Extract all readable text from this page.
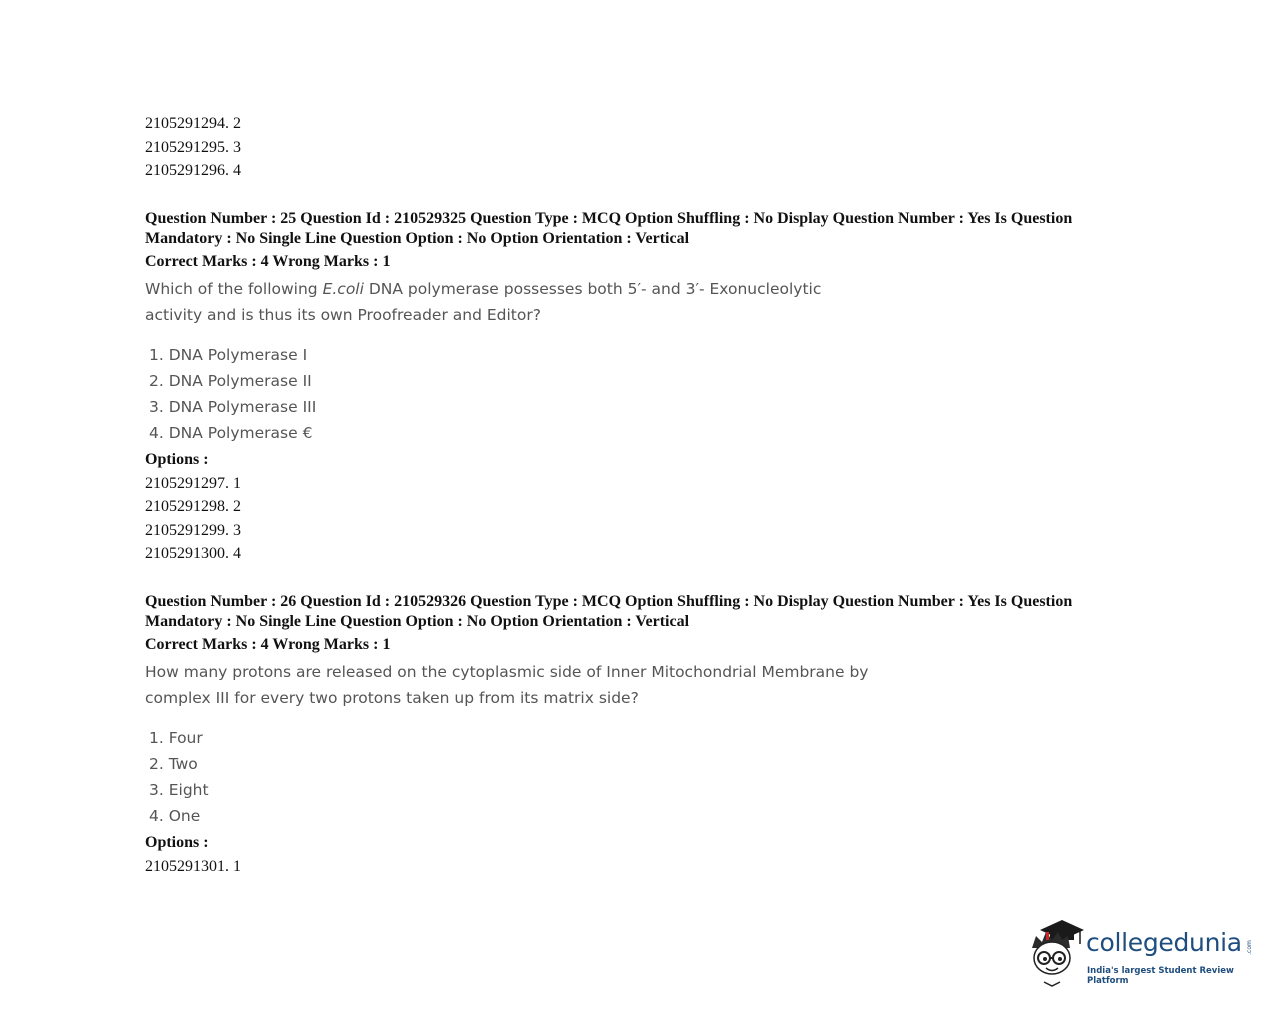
2105291294. 2
2105291295. 3
2105291296. 4

Question Number : 25 Question Id : 210529325 Question Type : MCQ Option Shuffling : No Display Question Number : Yes Is Question

Mandatory : No Single Line Question Option : No Option Orientation : Vertical

Correct Marks : 4 Wrong Marks : 1
Which of the following E.coli DNA polymerase possesses both 5′- and 3′- Exonucleolytic
activity and is thus its own Proofreader and Editor?
1. DNA Polymerase I
2. DNA Polymerase II
3. DNA Polymerase III
4. DNA Polymerase €
Options :
2105291297. 1
2105291298. 2
2105291299. 3
2105291300. 4

Question Number : 26 Question Id : 210529326 Question Type : MCQ Option Shuffling : No Display Question Number : Yes Is Question

Mandatory : No Single Line Question Option : No Option Orientation : Vertical

Correct Marks : 4 Wrong Marks : 1
How many protons are released on the cytoplasmic side of Inner Mitochondrial Membrane by
complex III for every two protons taken up from its matrix side?
1. Four
2. Two
3. Eight
4. One
Options :
2105291301. 1
collegedunia .com
India's largest Student Review Platform
